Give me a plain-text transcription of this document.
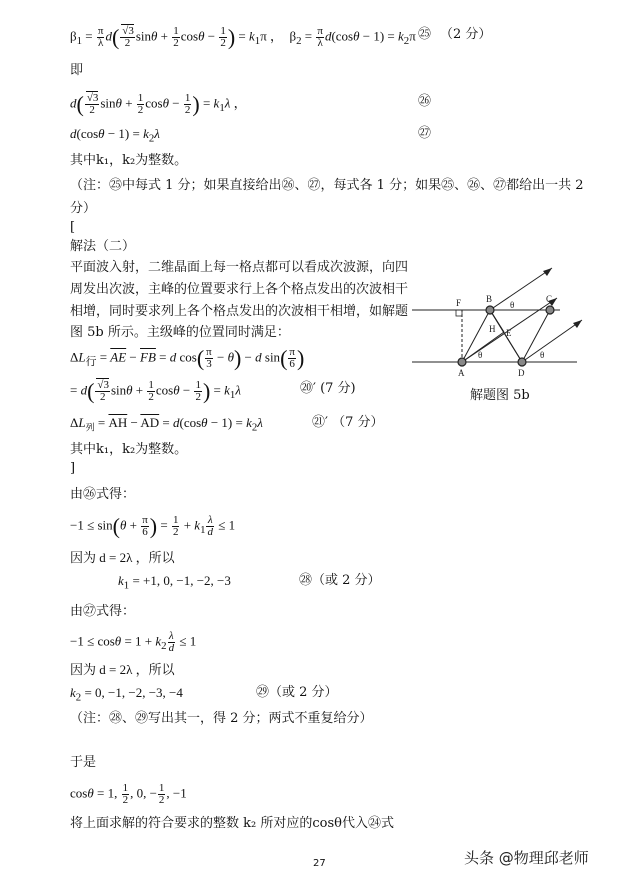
$\beta_1 = \frac{\pi}{\lambda} d( \frac{√3}{2}$ $\sin\theta + \frac{1}{2}$ $\cos\theta - \frac{1}{2}$ ) = $k_1\pi$ ，  $\beta_2 = \frac{\pi}{\lambda} d(\cos\theta - 1) = k_2\pi$ ㉕ （2 分）
即
$d( \frac{√3}{2}$ $\sin\theta + \frac{1}{2}$ $\cos\theta - \frac{1}{2}$ ) = $k_1\lambda$ ，	㉖
$d(\cos\theta - 1) = k_2\lambda$	㉗
其中k₁，k₂为整数。
（注：㉕中每式 1 分；如果直接给出㉖、㉗，每式各 1 分；如果㉕、㉖、㉗都给出一共 2
分）
[
解法（二）
平面波入射，二维晶面上每一格点都可以看成次波源，向四
周发出次波，主峰的位置要求行上各个格点发出的次波相干
相增，同时要求列上各个格点发出的次波相干相增，如解题
图 5b 所示。主级峰的位置同时满足：
$\Delta L_行 = \overline{AE} - \overline{FB} = d$ $\cos( \frac{\pi}{3} - \theta) - d$ $\sin( \frac{\pi}{6}$ )
= $d( \frac{√3}{2}$ $\sin\theta + \frac{1}{2}$ $\cos\theta - \frac{1}{2}$ ) = $k_1\lambda$	⑳′ (7 分)
$\Delta L_列 = \overline{AH} - \overline{AD} = d(\cos\theta - 1) = k_2\lambda$	㉑′ （7 分）
其中k₁，k₂为整数。
]
由㉖式得：
$-1 \le \sin(\theta + \frac{\pi}{6}$ ) = $\frac{1}{2} + k_1 \frac{\lambda}{d} \le 1$
因为 d = 2λ ，所以
$k_1 = +1$, 0, −1, −2, −3	㉘（或 2 分）
由㉗式得：
$-1 \le \cos\theta = 1 + k_2 \frac{\lambda}{d} \le 1$
因为 d = 2λ ，所以
$k_2 = 0$, −1, −2, −3, −4	㉙（或 2 分）
（注：㉘、㉙写出其一，得 2 分；两式不重复给分）
于是
cosθ = 1, $\frac{1}{2}$ , 0, − $\frac{1}{2}$ , −1
将上面求解的符合要求的整数 k₂ 所对应的cosθ代入㉔式
F	B	C
A	D
E
H
θ
θ	θ
解题图 5b
27	头条 @物理邱老师
